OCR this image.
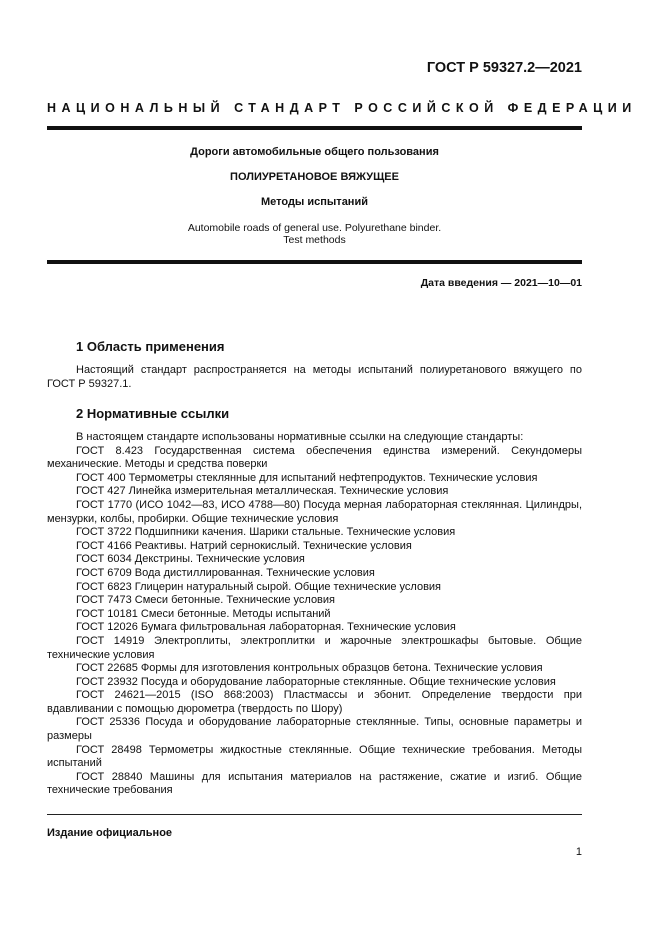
ГОСТ Р 59327.2—2021
НАЦИОНАЛЬНЫЙ СТАНДАРТ РОССИЙСКОЙ ФЕДЕРАЦИИ
Дороги автомобильные общего пользования
ПОЛИУРЕТАНОВОЕ ВЯЖУЩЕЕ
Методы испытаний
Automobile roads of general use. Polyurethane binder.
Test methods
Дата введения — 2021—10—01
1 Область применения

Настоящий стандарт распространяется на методы испытаний полиуретанового вяжущего по ГОСТ Р 59327.1.

2 Нормативные ссылки

В настоящем стандарте использованы нормативные ссылки на следующие стандарты:

ГОСТ 8.423 Государственная система обеспечения единства измерений. Секундомеры механические. Методы и средства поверки

ГОСТ 400 Термометры стеклянные для испытаний нефтепродуктов. Технические условия

ГОСТ 427 Линейка измерительная металлическая. Технические условия

ГОСТ 1770 (ИСО 1042—83, ИСО 4788—80) Посуда мерная лабораторная стеклянная. Цилиндры, мензурки, колбы, пробирки. Общие технические условия

ГОСТ 3722 Подшипники качения. Шарики стальные. Технические условия

ГОСТ 4166 Реактивы. Натрий сернокислый. Технические условия

ГОСТ 6034 Декстрины. Технические условия

ГОСТ 6709 Вода дистиллированная. Технические условия

ГОСТ 6823 Глицерин натуральный сырой. Общие технические условия

ГОСТ 7473 Смеси бетонные. Технические условия

ГОСТ 10181 Смеси бетонные. Методы испытаний

ГОСТ 12026 Бумага фильтровальная лабораторная. Технические условия

ГОСТ 14919 Электроплиты, электроплитки и жарочные электрошкафы бытовые. Общие технические условия

ГОСТ 22685 Формы для изготовления контрольных образцов бетона. Технические условия

ГОСТ 23932 Посуда и оборудование лабораторные стеклянные. Общие технические условия

ГОСТ 24621—2015 (ISO 868:2003) Пластмассы и эбонит. Определение твердости при вдавливании с помощью дюрометра (твердость по Шору)

ГОСТ 25336 Посуда и оборудование лабораторные стеклянные. Типы, основные параметры и размеры

ГОСТ 28498 Термометры жидкостные стеклянные. Общие технические требования. Методы испытаний

ГОСТ 28840 Машины для испытания материалов на растяжение, сжатие и изгиб. Общие технические требования

Издание официальное
1
